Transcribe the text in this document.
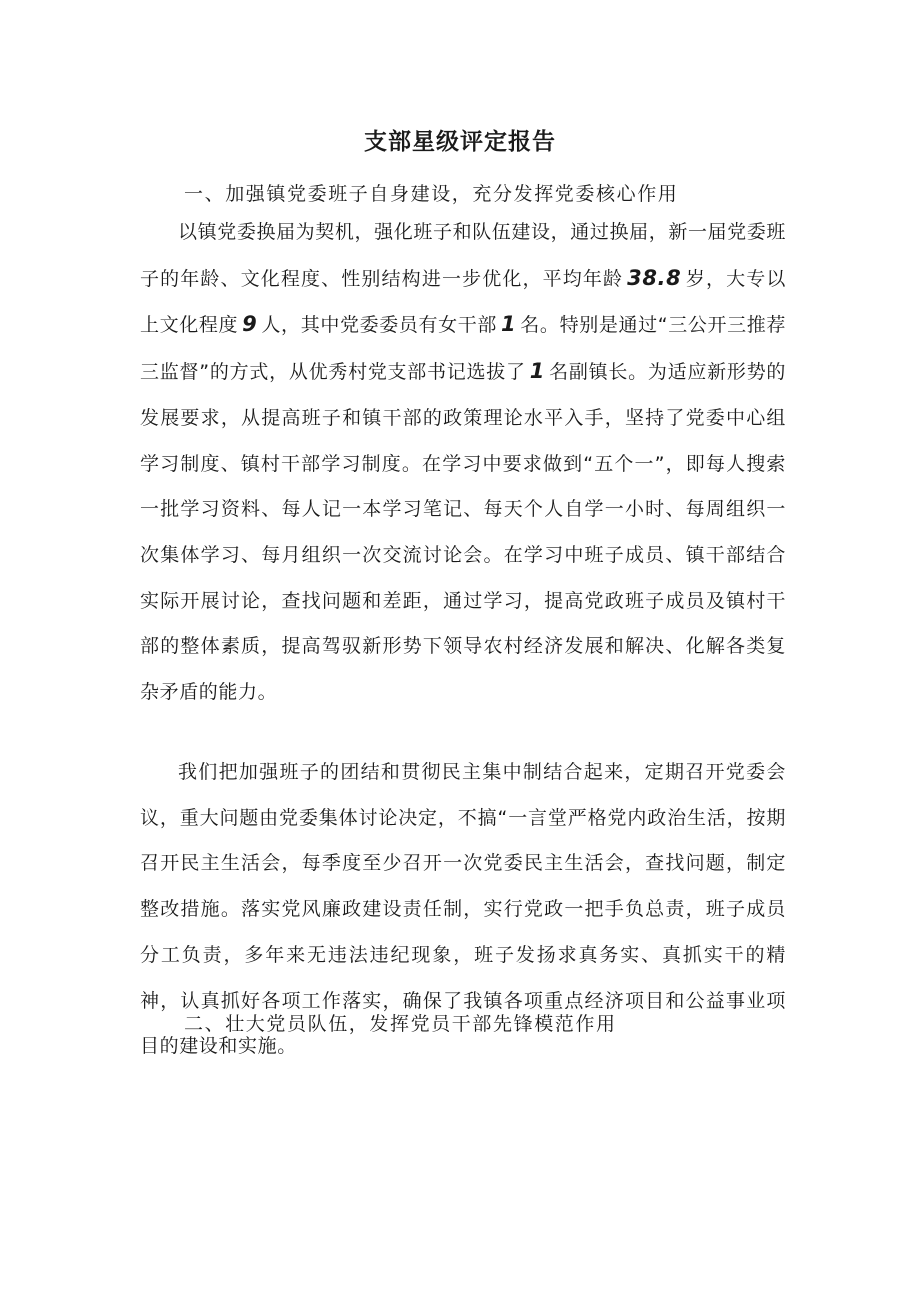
支部星级评定报告

一、加强镇党委班子自身建设，充分发挥党委核心作用

以镇党委换届为契机，强化班子和队伍建设，通过换届，新一届党委班子的年龄、文化程度、性别结构进一步优化，平均年龄 38.8 岁，大专以上文化程度 9 人，其中党委委员有女干部 1 名。特别是通过“三公开三推荐三监督”的方式，从优秀村党支部书记选拔了 1 名副镇长。为适应新形势的发展要求，从提高班子和镇干部的政策理论水平入手，坚持了党委中心组学习制度、镇村干部学习制度。在学习中要求做到“五个一”，即每人搜索一批学习资料、每人记一本学习笔记、每天个人自学一小时、每周组织一次集体学习、每月组织一次交流讨论会。在学习中班子成员、镇干部结合实际开展讨论，查找问题和差距，通过学习，提高党政班子成员及镇村干部的整体素质，提高驾驭新形势下领导农村经济发展和解决、化解各类复杂矛盾的能力。

我们把加强班子的团结和贯彻民主集中制结合起来，定期召开党委会议，重大问题由党委集体讨论决定，不搞“一言堂严格党内政治生活，按期召开民主生活会，每季度至少召开一次党委民主生活会，查找问题，制定整改措施。落实党风廉政建设责任制，实行党政一把手负总责，班子成员分工负责，多年来无违法违纪现象，班子发扬求真务实、真抓实干的精神，认真抓好各项工作落实，确保了我镇各项重点经济项目和公益事业项目的建设和实施。

二、壮大党员队伍，发挥党员干部先锋模范作用
